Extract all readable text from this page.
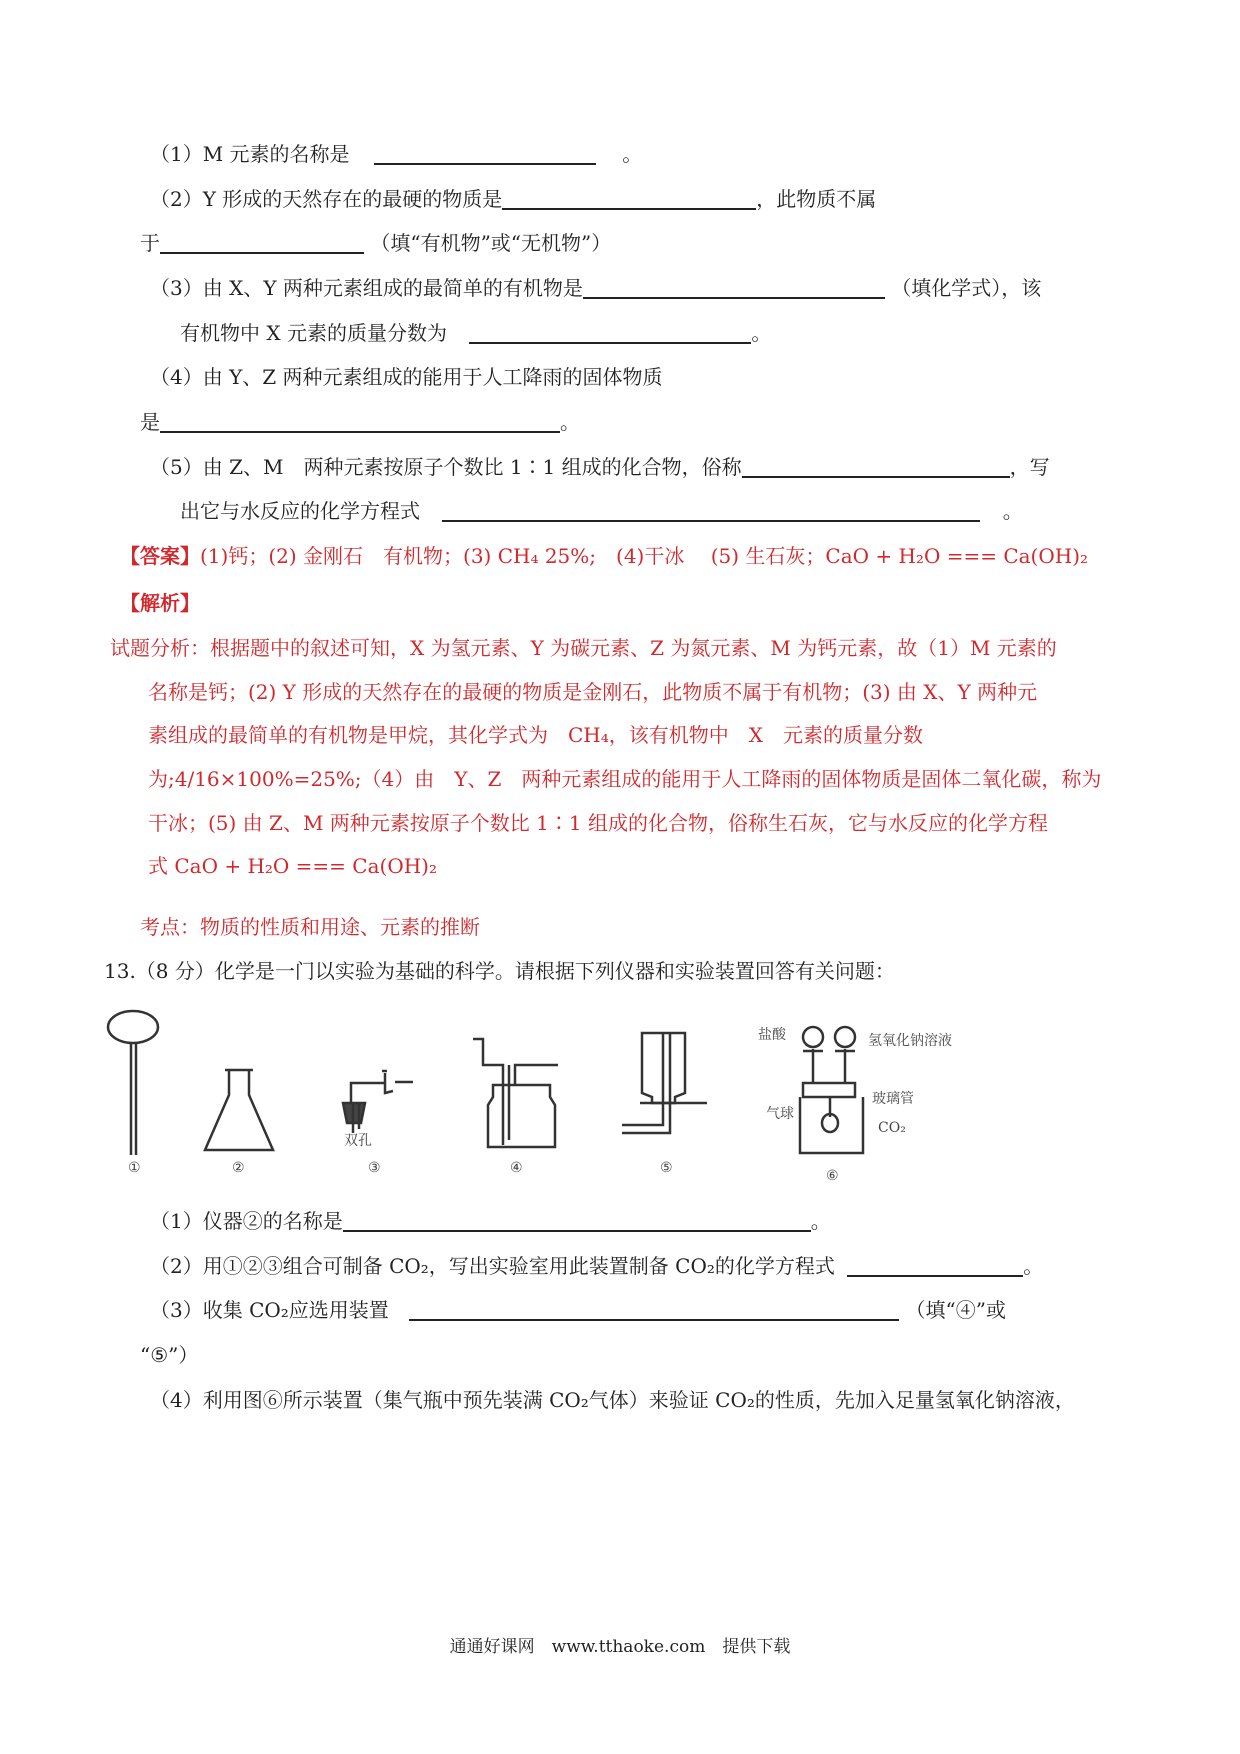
（1）M 元素的名称是	。
（2）Y 形成的天然存在的最硬的物质是	，此物质不属
于	（填“有机物”或“无机物”）
（3）由 X、Y 两种元素组成的最简单的有机物是	（填化学式），该
有机物中 X 元素的质量分数为	。
（4）由 Y、Z 两种元素组成的能用于人工降雨的固体物质
是	。
（5）由 Z、M　两种元素按原子个数比 1∶1 组成的化合物，俗称	，写
出它与水反应的化学方程式	。
【答案】(1)钙；(2) 金刚石　有机物；(3) CH₄ 25%;　(4)干冰　 (5) 生石灰；CaO + H₂O === Ca(OH)₂
【解析】
试题分析：根据题中的叙述可知，X 为氢元素、Y 为碳元素、Z 为氮元素、M 为钙元素，故（1）M 元素的
名称是钙；(2) Y 形成的天然存在的最硬的物质是金刚石，此物质不属于有机物；(3) 由 X、Y 两种元
素组成的最简单的有机物是甲烷，其化学式为　CH₄，该有机物中　X　元素的质量分数
为;4/16×100%=25%;（4）由　Y、Z　两种元素组成的能用于人工降雨的固体物质是固体二氧化碳，称为
干冰；(5) 由 Z、M 两种元素按原子个数比 1∶1 组成的化合物，俗称生石灰，它与水反应的化学方程
式 CaO + H₂O === Ca(OH)₂
考点：物质的性质和用途、元素的推断
13.（8 分）化学是一门以实验为基础的科学。请根据下列仪器和实验装置回答有关问题：
①	②	③	④	⑤	⑥
双孔
盐酸	氢氧化钠溶液
玻璃管
气球
CO₂
（1）仪器②的名称是	。
（2）用①②③组合可制备 CO₂，写出实验室用此装置制备 CO₂的化学方程式	。
（3）收集 CO₂应选用装置	（填“④”或
“⑤”）
（4）利用图⑥所示装置（集气瓶中预先装满 CO₂气体）来验证 CO₂的性质，先加入足量氢氧化钠溶液，
通通好课网　www.tthaoke.com　提供下载
